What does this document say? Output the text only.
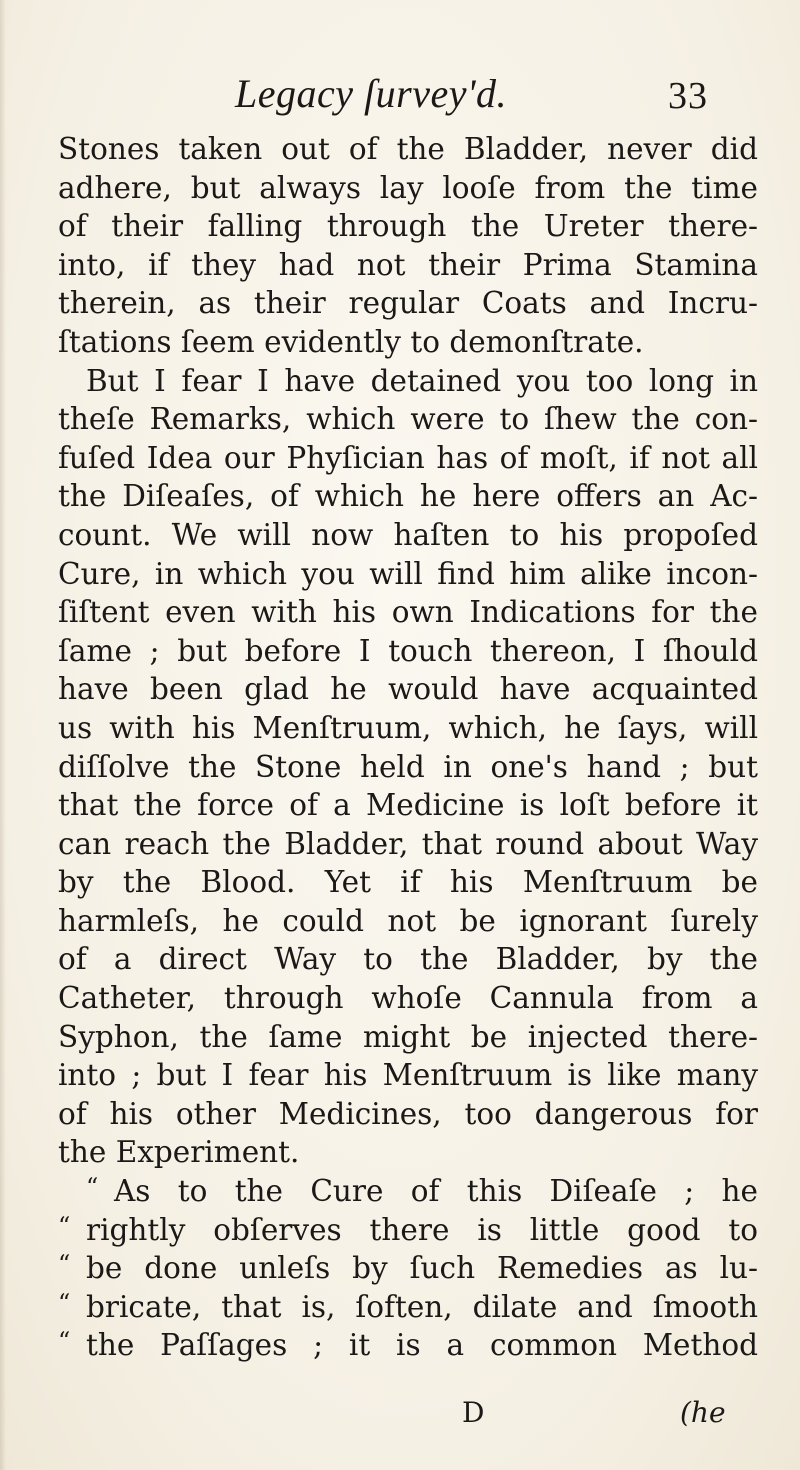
Legacy ſurvey'd.	33
Stones taken out of the Bladder, never did
adhere, but always lay looſe from the time
of their falling through the Ureter there-
into, if they had not their Prima Stamina
therein, as their regular Coats and Incru-
ſtations ſeem evidently to demonſtrate.
But I fear I have detained you too long in
theſe Remarks, which were to ſhew the con-
fuſed Idea our Phyſician has of moſt, if not all
the Diſeaſes, of which he here offers an Ac-
count. We will now haſten to his propoſed
Cure, in which you will find him alike incon-
ſiſtent even with his own Indications for the
ſame ; but before I touch thereon, I ſhould
have been glad he would have acquainted
us with his Menſtruum, which, he ſays, will
diſſolve the Stone held in one's hand ; but
that the force of a Medicine is loſt before it
can reach the Bladder, that round about Way
by the Blood. Yet if his Menſtruum be
harmleſs, he could not be ignorant ſurely
of a direct Way to the Bladder, by the
Catheter, through whoſe Cannula from a
Syphon, the ſame might be injected there-
into ; but I fear his Menſtruum is like many
of his other Medicines, too dangerous for
the Experiment.
“ As to the Cure of this Diſeaſe ; he
“ rightly obſerves there is little good to
“ be done unleſs by ſuch Remedies as lu-
“ bricate, that is, ſoften, dilate and ſmooth
“ the Paſſages ; it is a common Method
D	(he
